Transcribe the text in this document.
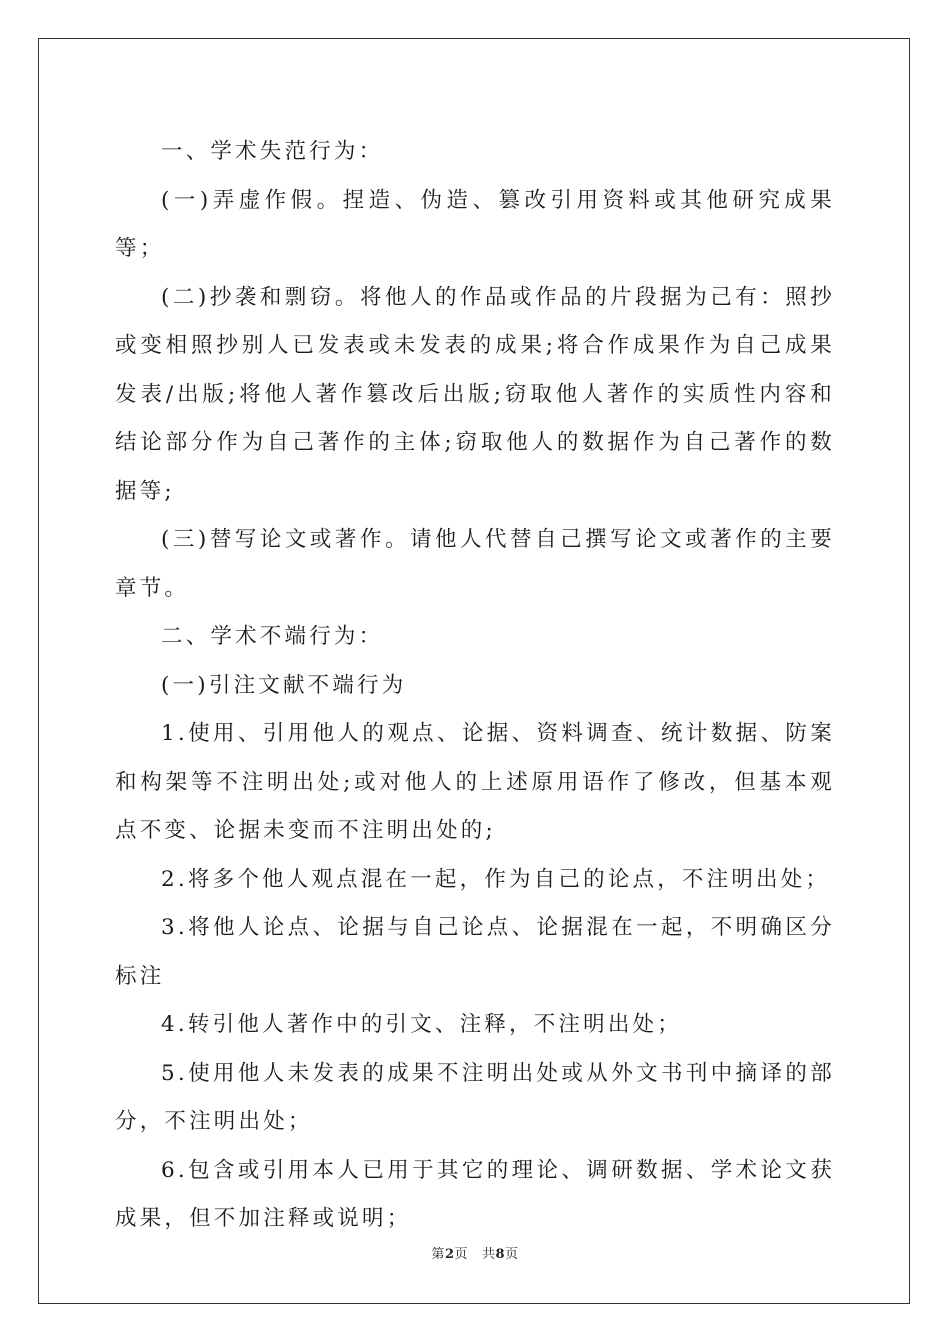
一、学术失范行为：

(一)弄虚作假。捏造、伪造、篡改引用资料或其他研究成果等；

(二)抄袭和剽窃。将他人的作品或作品的片段据为己有：照抄或变相照抄别人已发表或未发表的成果;将合作成果作为自己成果发表/出版;将他人著作篡改后出版;窃取他人著作的实质性内容和结论部分作为自己著作的主体;窃取他人的数据作为自己著作的数据等;

(三)替写论文或著作。请他人代替自己撰写论文或著作的主要章节。

二、学术不端行为：

(一)引注文献不端行为

1.使用、引用他人的观点、论据、资料调查、统计数据、防案和构架等不注明出处;或对他人的上述原用语作了修改，但基本观点不变、论据未变而不注明出处的;

2.将多个他人观点混在一起，作为自己的论点，不注明出处；

3.将他人论点、论据与自己论点、论据混在一起，不明确区分标注

4.转引他人著作中的引文、注释，不注明出处；

5.使用他人未发表的成果不注明出处或从外文书刊中摘译的部分，不注明出处；

6.包含或引用本人已用于其它的理论、调研数据、学术论文获成果，但不加注释或说明；

第2页 共8页
